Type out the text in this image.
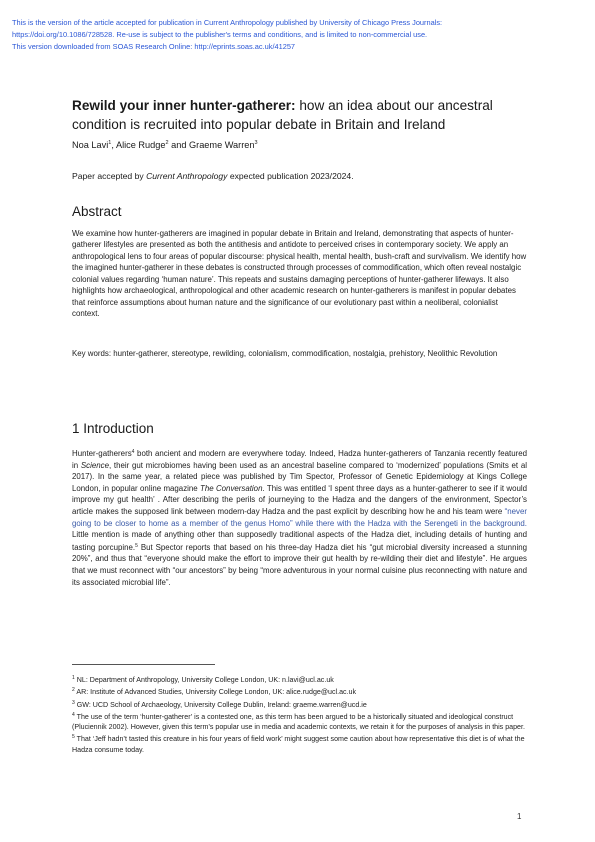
This is the version of the article accepted for publication in Current Anthropology published by University of Chicago Press Journals:
https://doi.org/10.1086/728528. Re-use is subject to the publisher's terms and conditions, and is limited to non-commercial use.
This version downloaded from SOAS Research Online: http://eprints.soas.ac.uk/41257
Rewild your inner hunter-gatherer: how an idea about our ancestral condition is recruited into popular debate in Britain and Ireland
Noa Lavi$^1$, Alice Rudge$^2$ and Graeme Warren$^3$
Paper accepted by Current Anthropology expected publication 2023/2024.
Abstract
We examine how hunter-gatherers are imagined in popular debate in Britain and Ireland, demonstrating that aspects of hunter-gatherer lifestyles are presented as both the antithesis and antidote to perceived crises in contemporary society. We apply an anthropological lens to four areas of popular discourse: physical health, mental health, bush-craft and survivalism. We identify how the imagined hunter-gatherer in these debates is constructed through processes of commodification, which often reveal nostalgic colonial values regarding ‘human nature’. This repeats and sustains damaging perceptions of hunter-gatherer lifeways. It also highlights how archaeological, anthropological and other academic research on hunter-gatherers is manifest in popular debates that reinforce assumptions about human nature and the significance of our evolutionary past within a neoliberal, colonialist context.
Key words: hunter-gatherer, stereotype, rewilding, colonialism, commodification, nostalgia, prehistory, Neolithic Revolution
1 Introduction
Hunter-gatherers$^4$ both ancient and modern are everywhere today. Indeed, Hadza hunter-gatherers of Tanzania recently featured in Science, their gut microbiomes having been used as an ancestral baseline compared to ‘modernized’ populations (Smits et al 2017). In the same year, a related piece was published by Tim Spector, Professor of Genetic Epidemiology at Kings College London, in popular online magazine The Conversation. This was entitled ‘I spent three days as a hunter-gatherer to see if it would improve my gut health’ . After describing the perils of journeying to the Hadza and the dangers of the environment, Spector’s article makes the supposed link between modern-day Hadza and the past explicit by describing how he and his team were “never going to be closer to home as a member of the genus Homo” while there with the Hadza with the Serengeti in the background. Little mention is made of anything other than supposedly traditional aspects of the Hadza diet, including details of hunting and tasting porcupine.$^5$ But Spector reports that based on his three-day Hadza diet his “gut microbial diversity increased a stunning 20%”, and thus that “everyone should make the effort to improve their gut health by re-wilding their diet and lifestyle”. He argues that we must reconnect with “our ancestors” by being “more adventurous in your normal cuisine plus reconnecting with nature and its associated microbial life”.

$^1$ NL: Department of Anthropology, University College London, UK: n.lavi@ucl.ac.uk

$^2$ AR: Institute of Advanced Studies, University College London, UK: alice.rudge@ucl.ac.uk

$^3$ GW: UCD School of Archaeology, University College Dublin, Ireland: graeme.warren@ucd.ie

$^4$ The use of the term ‘hunter-gatherer’ is a contested one, as this term has been argued to be a historically situated and ideological construct (Pluciennik 2002). However, given this term’s popular use in media and academic contexts, we retain it for the purposes of analysis in this paper.

$^5$ That ‘Jeff hadn’t tasted this creature in his four years of field work’ might suggest some caution about how representative this diet is of what the Hadza consume today.

1
